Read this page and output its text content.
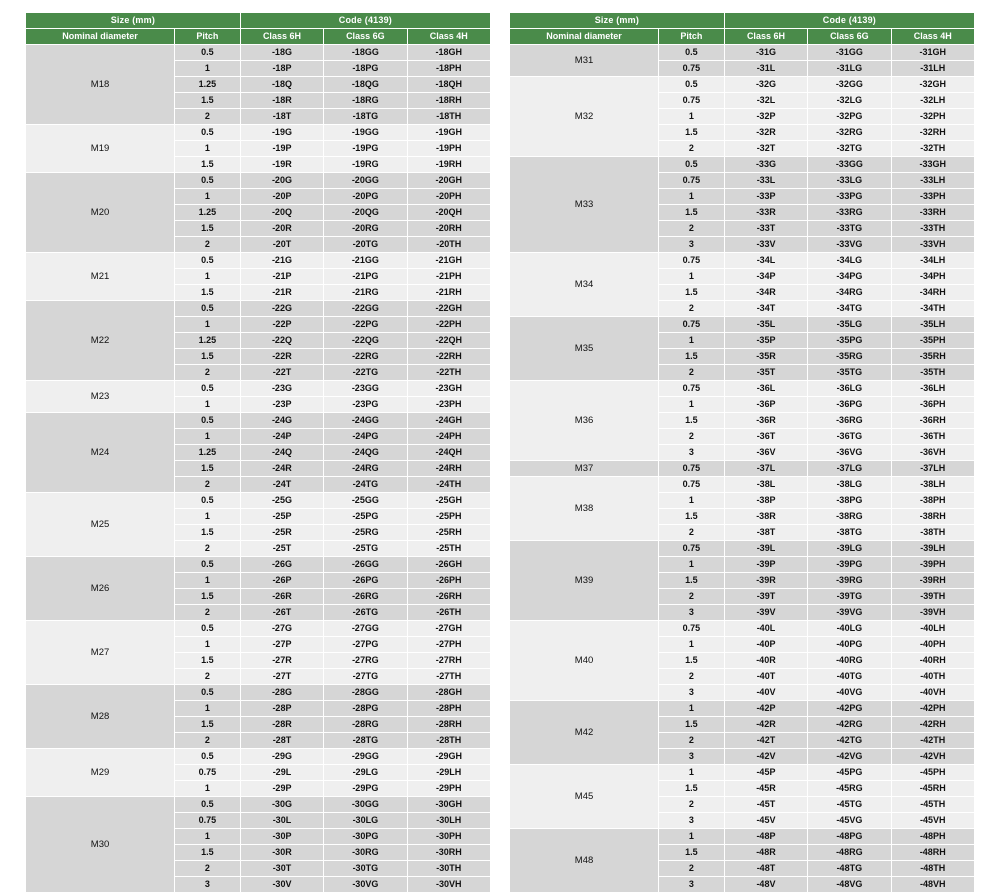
Size (mm)		Code (4139)		
Nominal diameter	Pitch	Class 6H	Class 6G	Class 4H
M18	0.5	-18G	-18GG	-18GH
	1	-18P	-18PG	-18PH
	1.25	-18Q	-18QG	-18QH
	1.5	-18R	-18RG	-18RH
	2	-18T	-18TG	-18TH
M19	0.5	-19G	-19GG	-19GH
	1	-19P	-19PG	-19PH
	1.5	-19R	-19RG	-19RH
M20	0.5	-20G	-20GG	-20GH
	1	-20P	-20PG	-20PH
	1.25	-20Q	-20QG	-20QH
	1.5	-20R	-20RG	-20RH
	2	-20T	-20TG	-20TH
M21	0.5	-21G	-21GG	-21GH
	1	-21P	-21PG	-21PH
	1.5	-21R	-21RG	-21RH
M22	0.5	-22G	-22GG	-22GH
	1	-22P	-22PG	-22PH
	1.25	-22Q	-22QG	-22QH
	1.5	-22R	-22RG	-22RH
	2	-22T	-22TG	-22TH
M23	0.5	-23G	-23GG	-23GH
	1	-23P	-23PG	-23PH
M24	0.5	-24G	-24GG	-24GH
	1	-24P	-24PG	-24PH
	1.25	-24Q	-24QG	-24QH
	1.5	-24R	-24RG	-24RH
	2	-24T	-24TG	-24TH
M25	0.5	-25G	-25GG	-25GH
	1	-25P	-25PG	-25PH
	1.5	-25R	-25RG	-25RH
	2	-25T	-25TG	-25TH
M26	0.5	-26G	-26GG	-26GH
	1	-26P	-26PG	-26PH
	1.5	-26R	-26RG	-26RH
	2	-26T	-26TG	-26TH
M27	0.5	-27G	-27GG	-27GH
	1	-27P	-27PG	-27PH
	1.5	-27R	-27RG	-27RH
	2	-27T	-27TG	-27TH
M28	0.5	-28G	-28GG	-28GH
	1	-28P	-28PG	-28PH
	1.5	-28R	-28RG	-28RH
	2	-28T	-28TG	-28TH
M29	0.5	-29G	-29GG	-29GH
	0.75	-29L	-29LG	-29LH
	1	-29P	-29PG	-29PH
M30	0.5	-30G	-30GG	-30GH
	0.75	-30L	-30LG	-30LH
	1	-30P	-30PG	-30PH
	1.5	-30R	-30RG	-30RH
	2	-30T	-30TG	-30TH
	3	-30V	-30VG	-30VH
Size (mm)		Code (4139)		
Nominal diameter	Pitch	Class 6H	Class 6G	Class 4H
M31	0.5	-31G	-31GG	-31GH
	0.75	-31L	-31LG	-31LH
M32	0.5	-32G	-32GG	-32GH
	0.75	-32L	-32LG	-32LH
	1	-32P	-32PG	-32PH
	1.5	-32R	-32RG	-32RH
	2	-32T	-32TG	-32TH
M33	0.5	-33G	-33GG	-33GH
	0.75	-33L	-33LG	-33LH
	1	-33P	-33PG	-33PH
	1.5	-33R	-33RG	-33RH
	2	-33T	-33TG	-33TH
	3	-33V	-33VG	-33VH
M34	0.75	-34L	-34LG	-34LH
	1	-34P	-34PG	-34PH
	1.5	-34R	-34RG	-34RH
	2	-34T	-34TG	-34TH
M35	0.75	-35L	-35LG	-35LH
	1	-35P	-35PG	-35PH
	1.5	-35R	-35RG	-35RH
	2	-35T	-35TG	-35TH
M36	0.75	-36L	-36LG	-36LH
	1	-36P	-36PG	-36PH
	1.5	-36R	-36RG	-36RH
	2	-36T	-36TG	-36TH
	3	-36V	-36VG	-36VH
M37	0.75	-37L	-37LG	-37LH
M38	0.75	-38L	-38LG	-38LH
	1	-38P	-38PG	-38PH
	1.5	-38R	-38RG	-38RH
	2	-38T	-38TG	-38TH
M39	0.75	-39L	-39LG	-39LH
	1	-39P	-39PG	-39PH
	1.5	-39R	-39RG	-39RH
	2	-39T	-39TG	-39TH
	3	-39V	-39VG	-39VH
M40	0.75	-40L	-40LG	-40LH
	1	-40P	-40PG	-40PH
	1.5	-40R	-40RG	-40RH
	2	-40T	-40TG	-40TH
	3	-40V	-40VG	-40VH
M42	1	-42P	-42PG	-42PH
	1.5	-42R	-42RG	-42RH
	2	-42T	-42TG	-42TH
	3	-42V	-42VG	-42VH
M45	1	-45P	-45PG	-45PH
	1.5	-45R	-45RG	-45RH
	2	-45T	-45TG	-45TH
	3	-45V	-45VG	-45VH
M48	1	-48P	-48PG	-48PH
	1.5	-48R	-48RG	-48RH
	2	-48T	-48TG	-48TH
	3	-48V	-48VG	-48VH
